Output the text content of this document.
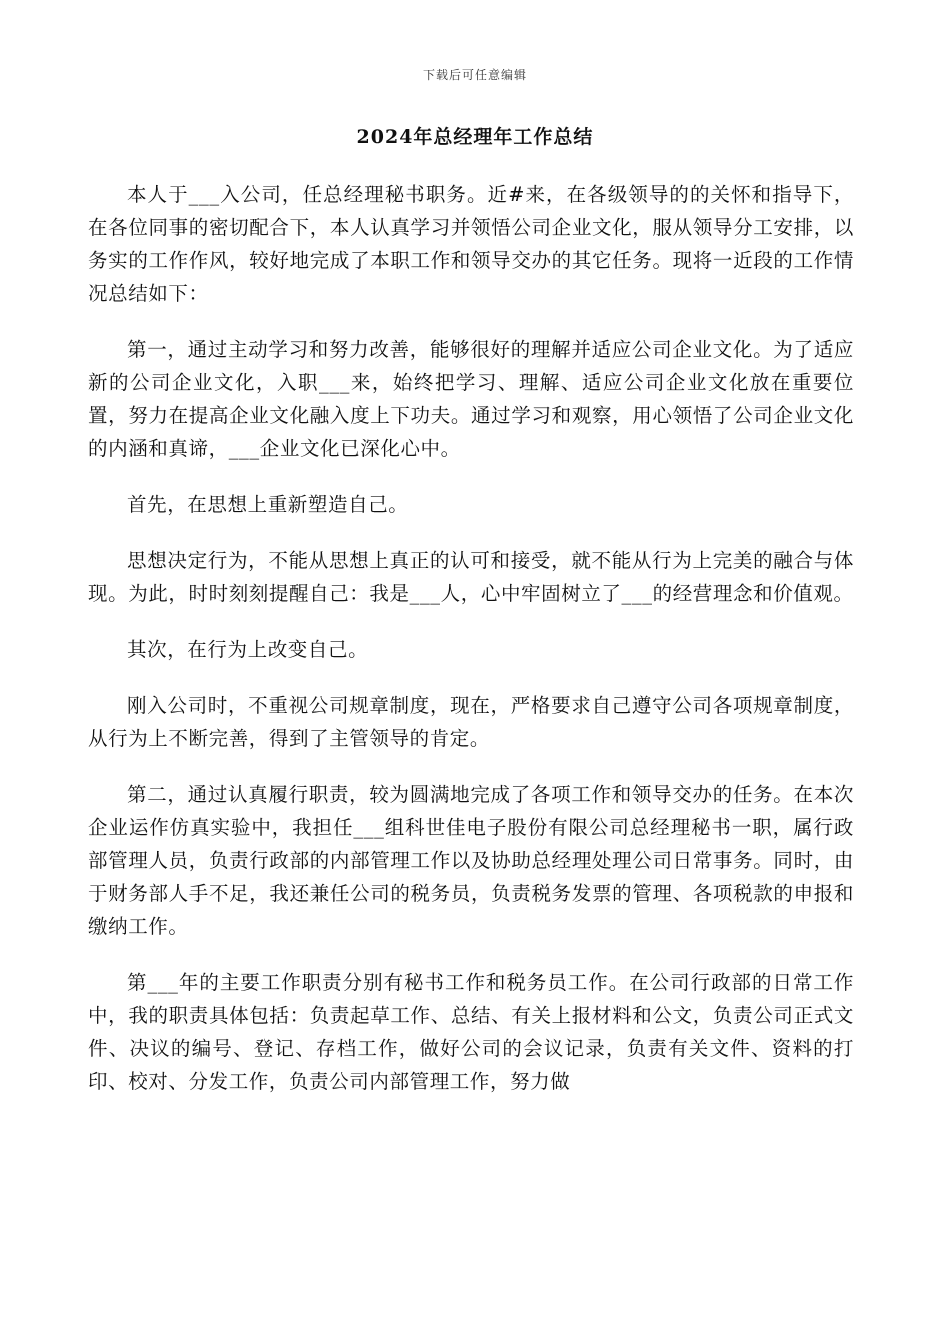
下载后可任意编辑
2024年总经理年工作总结

本人于___入公司，任总经理秘书职务。近#来，在各级领导的的关怀和指导下，在各位同事的密切配合下，本人认真学习并领悟公司企业文化，服从领导分工安排，以务实的工作作风，较好地完成了本职工作和领导交办的其它任务。现将一近段的工作情况总结如下：

第一，通过主动学习和努力改善，能够很好的理解并适应公司企业文化。为了适应新的公司企业文化，入职___来，始终把学习、理解、适应公司企业文化放在重要位置，努力在提高企业文化融入度上下功夫。通过学习和观察，用心领悟了公司企业文化的内涵和真谛，___企业文化已深化心中。

首先，在思想上重新塑造自己。

思想决定行为，不能从思想上真正的认可和接受，就不能从行为上完美的融合与体现。为此，时时刻刻提醒自己：我是___人，心中牢固树立了___的经营理念和价值观。

其次，在行为上改变自己。

刚入公司时，不重视公司规章制度，现在，严格要求自己遵守公司各项规章制度，从行为上不断完善，得到了主管领导的肯定。

第二，通过认真履行职责，较为圆满地完成了各项工作和领导交办的任务。在本次企业运作仿真实验中，我担任___组科世佳电子股份有限公司总经理秘书一职，属行政部管理人员，负责行政部的内部管理工作以及协助总经理处理公司日常事务。同时，由于财务部人手不足，我还兼任公司的税务员，负责税务发票的管理、各项税款的申报和缴纳工作。

第___年的主要工作职责分别有秘书工作和税务员工作。在公司行政部的日常工作中，我的职责具体包括：负责起草工作、总结、有关上报材料和公文，负责公司正式文件、决议的编号、登记、存档工作，做好公司的会议记录，负责有关文件、资料的打印、校对、分发工作，负责公司内部管理工作，努力做
